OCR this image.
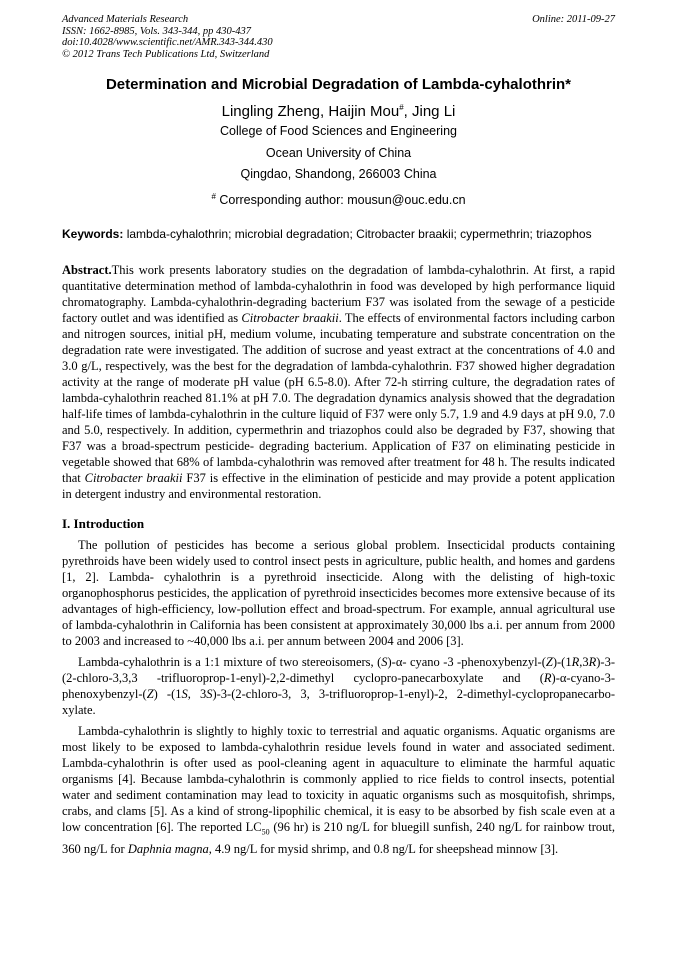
Advanced Materials Research
ISSN: 1662-8985, Vols. 343-344, pp 430-437
doi:10.4028/www.scientific.net/AMR.343-344.430
© 2012 Trans Tech Publications Ltd, Switzerland
Online: 2011-09-27
Determination and Microbial Degradation of Lambda-cyhalothrin*
Lingling Zheng, Haijin Mou#, Jing Li
College of Food Sciences and Engineering
Ocean University of China
Qingdao, Shandong, 266003 China
# Corresponding author: mousun@ouc.edu.cn
Keywords: lambda-cyhalothrin; microbial degradation; Citrobacter braakii; cypermethrin; triazophos
Abstract.This work presents laboratory studies on the degradation of lambda-cyhalothrin. At first, a rapid quantitative determination method of lambda-cyhalothrin in food was developed by high performance liquid chromatography. Lambda-cyhalothrin-degrading bacterium F37 was isolated from the sewage of a pesticide factory outlet and was identified as Citrobacter braakii. The effects of environmental factors including carbon and nitrogen sources, initial pH, medium volume, incubating temperature and substrate concentration on the degradation rate were investigated. The addition of sucrose and yeast extract at the concentrations of 4.0 and 3.0 g/L, respectively, was the best for the degradation of lambda-cyhalothrin. F37 showed higher degradation activity at the range of moderate pH value (pH 6.5-8.0). After 72-h stirring culture, the degradation rates of lambda-cyhalothrin reached 81.1% at pH 7.0. The degradation dynamics analysis showed that the degradation half-life times of lambda-cyhalothrin in the culture liquid of F37 were only 5.7, 1.9 and 4.9 days at pH 9.0, 7.0 and 5.0, respectively. In addition, cypermethrin and triazophos could also be degraded by F37, showing that F37 was a broad-spectrum pesticide- degrading bacterium. Application of F37 on eliminating pesticide in vegetable showed that 68% of lambda-cyhalothrin was removed after treatment for 48 h. The results indicated that Citrobacter braakii F37 is effective in the elimination of pesticide and may provide a potent application in detergent industry and environmental restoration.
I. Introduction
The pollution of pesticides has become a serious global problem. Insecticidal products containing pyrethroids have been widely used to control insect pests in agriculture, public health, and homes and gardens [1, 2]. Lambda- cyhalothrin is a pyrethroid insecticide. Along with the delisting of high-toxic organophosphorus pesticides, the application of pyrethroid insecticides becomes more extensive because of its advantages of high-efficiency, low-pollution effect and broad-spectrum. For example, annual agricultural use of lambda-cyhalothrin in California has been consistent at approximately 30,000 lbs a.i. per annum from 2000 to 2003 and increased to ~40,000 lbs a.i. per annum between 2004 and 2006 [3].
Lambda-cyhalothrin is a 1:1 mixture of two stereoisomers, (S)-α- cyano -3 -phenoxybenzyl-(Z)-(1R,3R)-3-(2-chloro-3,3,3 -trifluoroprop-1-enyl)-2,2-dimethyl cyclopro-panecarboxylate and (R)-α-cyano-3-phenoxybenzyl-(Z) -(1S, 3S)-3-(2-chloro-3, 3, 3-trifluoroprop-1-enyl)-2, 2-dimethyl-cyclopropanecarbo- xylate.
Lambda-cyhalothrin is slightly to highly toxic to terrestrial and aquatic organisms. Aquatic organisms are most likely to be exposed to lambda-cyhalothrin residue levels found in water and associated sediment. Lambda-cyhalothrin is ofter used as pool-cleaning agent in aquaculture to eliminate the harmful aquatic organisms [4]. Because lambda-cyhalothrin is commonly applied to rice fields to control insects, potential water and sediment contamination may lead to toxicity in aquatic organisms such as mosquitofish, shrimps, crabs, and clams [5]. As a kind of strong-lipophilic chemical, it is easy to be absorbed by fish scale even at a low concentration [6]. The reported $LC_{50}$ (96 hr) is 210 ng/L for bluegill sunfish, 240 ng/L for rainbow trout, 360 ng/L for Daphnia magna, 4.9 ng/L for mysid shrimp, and 0.8 ng/L for sheepshead minnow [3].
